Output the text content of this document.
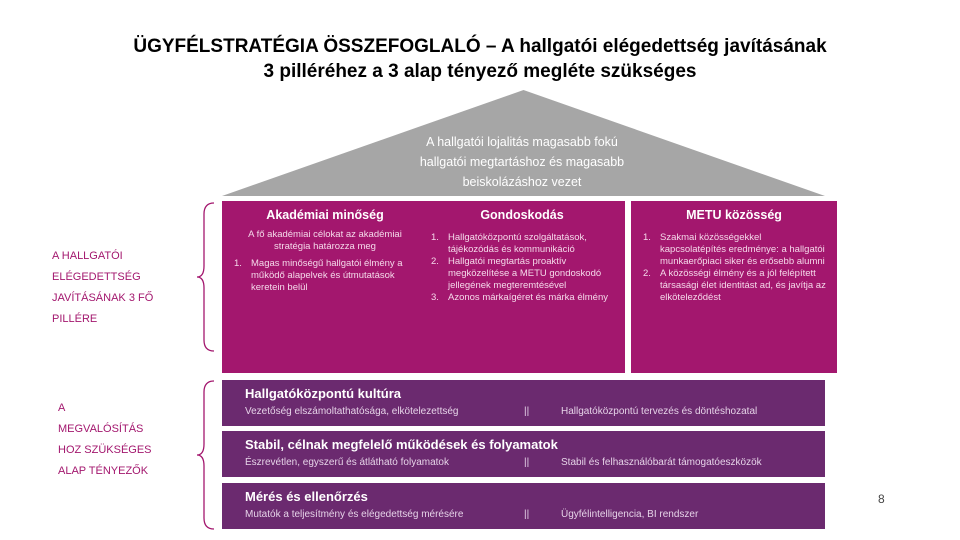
ÜGYFÉLSTRATÉGIA ÖSSZEFOGLALÓ – A hallgatói elégedettség javításának
3 pilléréhez a 3 alap tényező megléte szükséges
A hallgatói lojalitás magasabb fokú
hallgatói megtartáshoz és magasabb
beiskolázáshoz vezet
A HALLGATÓI
ELÉGEDETTSÉG
JAVÍTÁSÁNAK 3 FŐ
PILLÉRE
A
MEGVALÓSÍTÁS
HOZ SZÜKSÉGES
ALAP TÉNYEZŐK
Akadémiai minőség
A fő akadémiai célokat az akadémiai stratégia határozza meg
1. Magas minőségű hallgatói élmény a működő alapelvek és útmutatások keretein belül
Gondoskodás
1. Hallgatóközpontú szolgáltatások, tájékozódás és kommunikáció
2. Hallgatói megtartás proaktív megközelítése a METU gondoskodó jellegének megteremtésével
3. Azonos márkaígéret és márka élmény
METU közösség
1. Szakmai közösségekkel kapcsolatépítés eredménye: a hallgatói munkaerőpiaci siker és erősebb alumni
2. A közösségi élmény és a jól felépített társasági élet identitást ad, és javítja az elköteleződést
Hallgatóközpontú kultúra
Vezetőség elszámoltathatósága, elkötelezettség	||	Hallgatóközpontú tervezés és döntéshozatal
Stabil, célnak megfelelő működések és folyamatok
Észrevétlen, egyszerű és átlátható folyamatok	||	Stabil és felhasználóbarát támogatóeszközök
Mérés és ellenőrzés
Mutatók a teljesítmény és elégedettség mérésére	||	Ügyfélintelligencia, BI rendszer
8
